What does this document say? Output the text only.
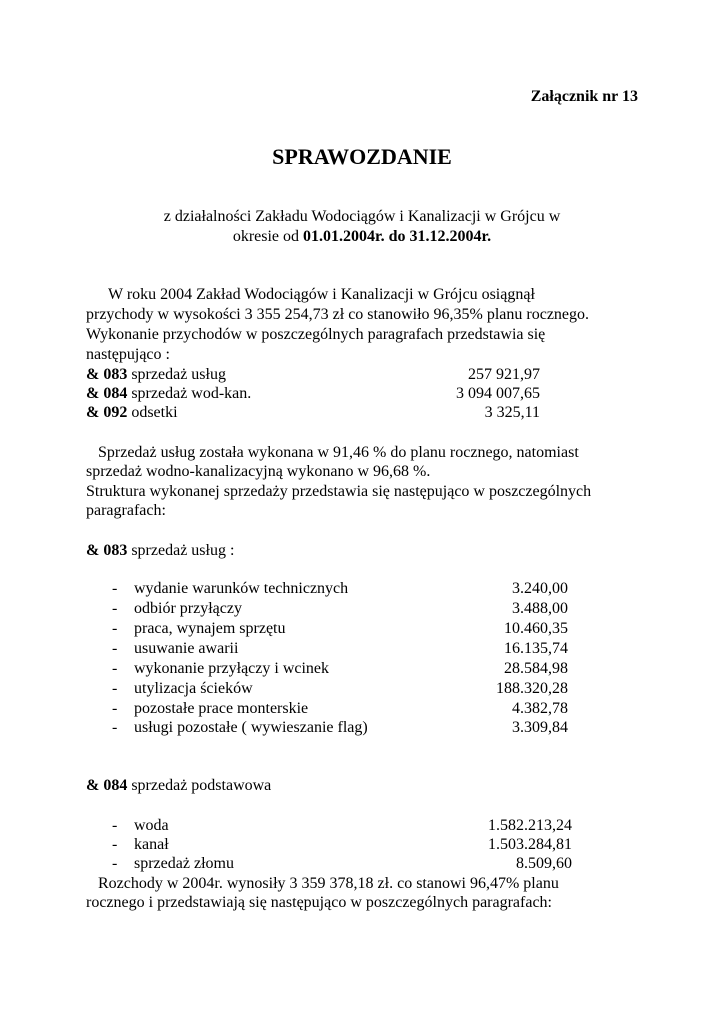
Załącznik nr 13
SPRAWOZDANIE
z działalności Zakładu Wodociągów i Kanalizacji w Grójcu w
okresie od 01.01.2004r. do 31.12.2004r.
W roku 2004 Zakład Wodociągów i Kanalizacji w Grójcu osiągnął
przychody w wysokości 3 355 254,73 zł co stanowiło 96,35% planu rocznego.
Wykonanie przychodów w poszczególnych paragrafach przedstawia się
następująco :
& 083 sprzedaż usług	257 921,97
& 084 sprzedaż wod-kan.	3 094 007,65
& 092 odsetki	3 325,11
Sprzedaż usług została wykonana w 91,46 % do planu rocznego, natomiast
sprzedaż wodno-kanalizacyjną wykonano w 96,68 %.
Struktura wykonanej sprzedaży przedstawia się następująco w poszczególnych
paragrafach:
& 083 sprzedaż usług :
- wydanie warunków technicznych	3.240,00
- odbiór przyłączy	3.488,00
- praca, wynajem sprzętu	10.460,35
- usuwanie awarii	16.135,74
- wykonanie przyłączy i wcinek	28.584,98
- utylizacja ścieków	188.320,28
- pozostałe prace monterskie	4.382,78
- usługi pozostałe ( wywieszanie flag)	3.309,84
& 084 sprzedaż podstawowa
- woda	1.582.213,24
- kanał	1.503.284,81
- sprzedaż złomu	8.509,60
Rozchody w 2004r. wynosiły 3 359 378,18 zł. co stanowi 96,47% planu
rocznego i przedstawiają się następująco w poszczególnych paragrafach:
